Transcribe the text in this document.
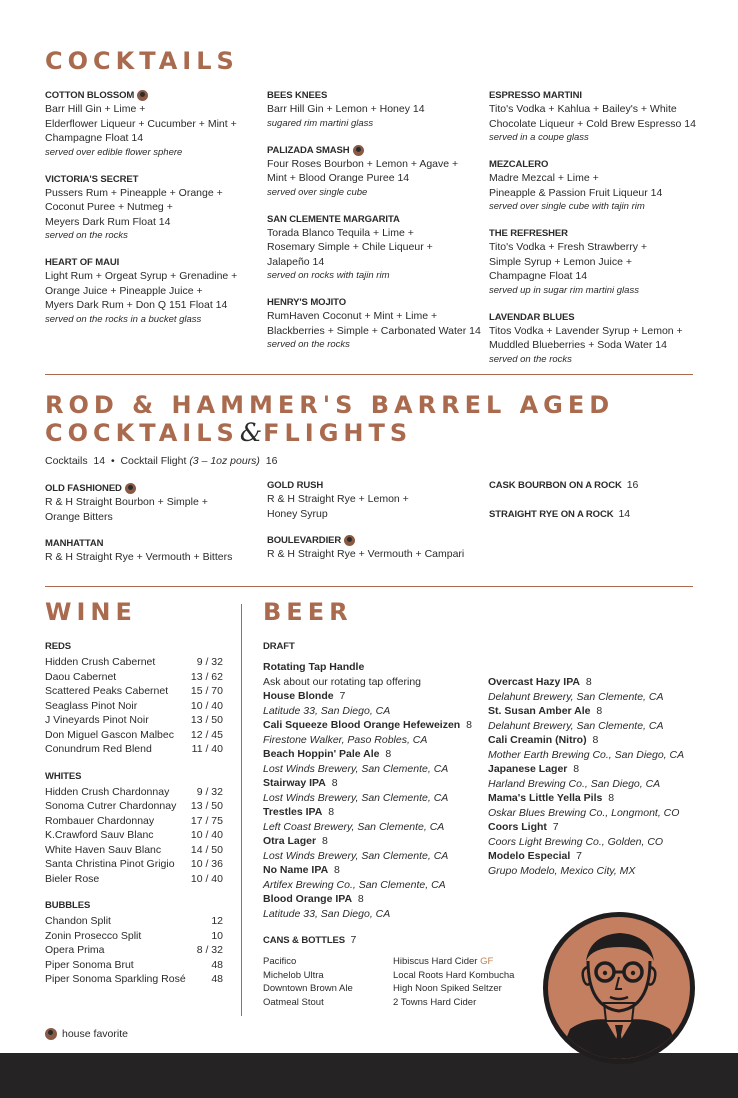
COCKTAILS
COTTON BLOSSOM
Barr Hill Gin + Lime +
Elderflower Liqueur + Cucumber + Mint +
Champagne Float 14
served over edible flower sphere
VICTORIA'S SECRET
Pussers Rum + Pineapple + Orange +
Coconut Puree + Nutmeg +
Meyers Dark Rum Float 14
served on the rocks
HEART OF MAUI
Light Rum + Orgeat Syrup + Grenadine +
Orange Juice + Pineapple Juice +
Myers Dark Rum + Don Q 151 Float 14
served on the rocks in a bucket glass
BEES KNEES
Barr Hill Gin + Lemon + Honey 14
sugared rim martini glass
PALIZADA SMASH
Four Roses Bourbon + Lemon + Agave +
Mint + Blood Orange Puree 14
served over single cube
SAN CLEMENTE MARGARITA
Torada Blanco Tequila + Lime +
Rosemary Simple + Chile Liqueur +
Jalapeño 14
served on rocks with tajin rim
HENRY'S MOJITO
RumHaven Coconut + Mint + Lime +
Blackberries + Simple + Carbonated Water 14
served on the rocks
ESPRESSO MARTINI
Tito's Vodka + Kahlua + Bailey's + White
Chocolate Liqueur + Cold Brew Espresso 14
served in a coupe glass
MEZCALERO
Madre Mezcal + Lime +
Pineapple & Passion Fruit Liqueur 14
served over single cube with tajin rim
THE REFRESHER
Tito's Vodka + Fresh Strawberry +
Simple Syrup + Lemon Juice +
Champagne Float 14
served up in sugar rim martini glass
LAVENDAR BLUES
Titos Vodka + Lavender Syrup + Lemon +
Muddled Blueberries + Soda Water 14
served on the rocks
ROD & HAMMER'S BARREL AGED
COCKTAILS&FLIGHTS
Cocktails  14  •  Cocktail Flight (3 – 1oz pours)  16
OLD FASHIONED
R & H Straight Bourbon + Simple +
Orange Bitters
MANHATTAN
R & H Straight Rye + Vermouth + Bitters
GOLD RUSH
R & H Straight Rye + Lemon +
Honey Syrup
BOULEVARDIER
R & H Straight Rye + Vermouth + Campari
CASK BOURBON ON A ROCK 16
STRAIGHT RYE ON A ROCK 14
WINE
REDS
Hidden Crush Cabernet	9 / 32
Daou Cabernet	13 / 62
Scattered Peaks Cabernet 15 / 70
Seaglass Pinot Noir	10 / 40
J Vineyards Pinot Noir	13 / 50
Don Miguel Gascon Malbec 12 / 45
Conundrum Red Blend	11 / 40
WHITES
Hidden Crush Chardonnay	9 / 32
Sonoma Cutrer Chardonnay 13 / 50
Rombauer Chardonnay	17 / 75
K.Crawford Sauv Blanc	10 / 40
White Haven Sauv Blanc	14 / 50
Santa Christina Pinot Grigio 10 / 36
Bieler Rose	10 / 40
BUBBLES
Chandon Split	12
Zonin Prosecco Split	10
Opera Prima	8 / 32
Piper Sonoma Brut	48
Piper Sonoma Sparkling Rosé 48
BEER
DRAFT
Rotating Tap Handle
Ask about our rotating tap offering
House Blonde 7
Latitude 33, San Diego, CA
Cali Squeeze Blood Orange Hefeweizen 8
Firestone Walker, Paso Robles, CA
Beach Hoppin' Pale Ale 8
Lost Winds Brewery, San Clemente, CA
Stairway IPA 8
Lost Winds Brewery, San Clemente, CA
Trestles IPA 8
Left Coast Brewery, San Clemente, CA
Otra Lager 8
Lost Winds Brewery, San Clemente, CA
No Name IPA 8
Artifex Brewing Co., San Clemente, CA
Blood Orange IPA 8
Latitude 33, San Diego, CA
Overcast Hazy IPA 8
Delahunt Brewery, San Clemente, CA
St. Susan Amber Ale 8
Delahunt Brewery, San Clemente, CA
Cali Creamin (Nitro) 8
Mother Earth Brewing Co., San Diego, CA
Japanese Lager 8
Harland Brewing Co., San Diego, CA
Mama's Little Yella Pils 8
Oskar Blues Brewing Co., Longmont, CO
Coors Light 7
Coors Light Brewing Co., Golden, CO
Modelo Especial 7
Grupo Modelo, Mexico City, MX
CANS & BOTTLES 7
Pacifico
Michelob Ultra
Downtown Brown Ale
Oatmeal Stout
Hibiscus Hard Cider GF
Local Roots Hard Kombucha
High Noon Spiked Seltzer
2 Towns Hard Cider
house favorite
